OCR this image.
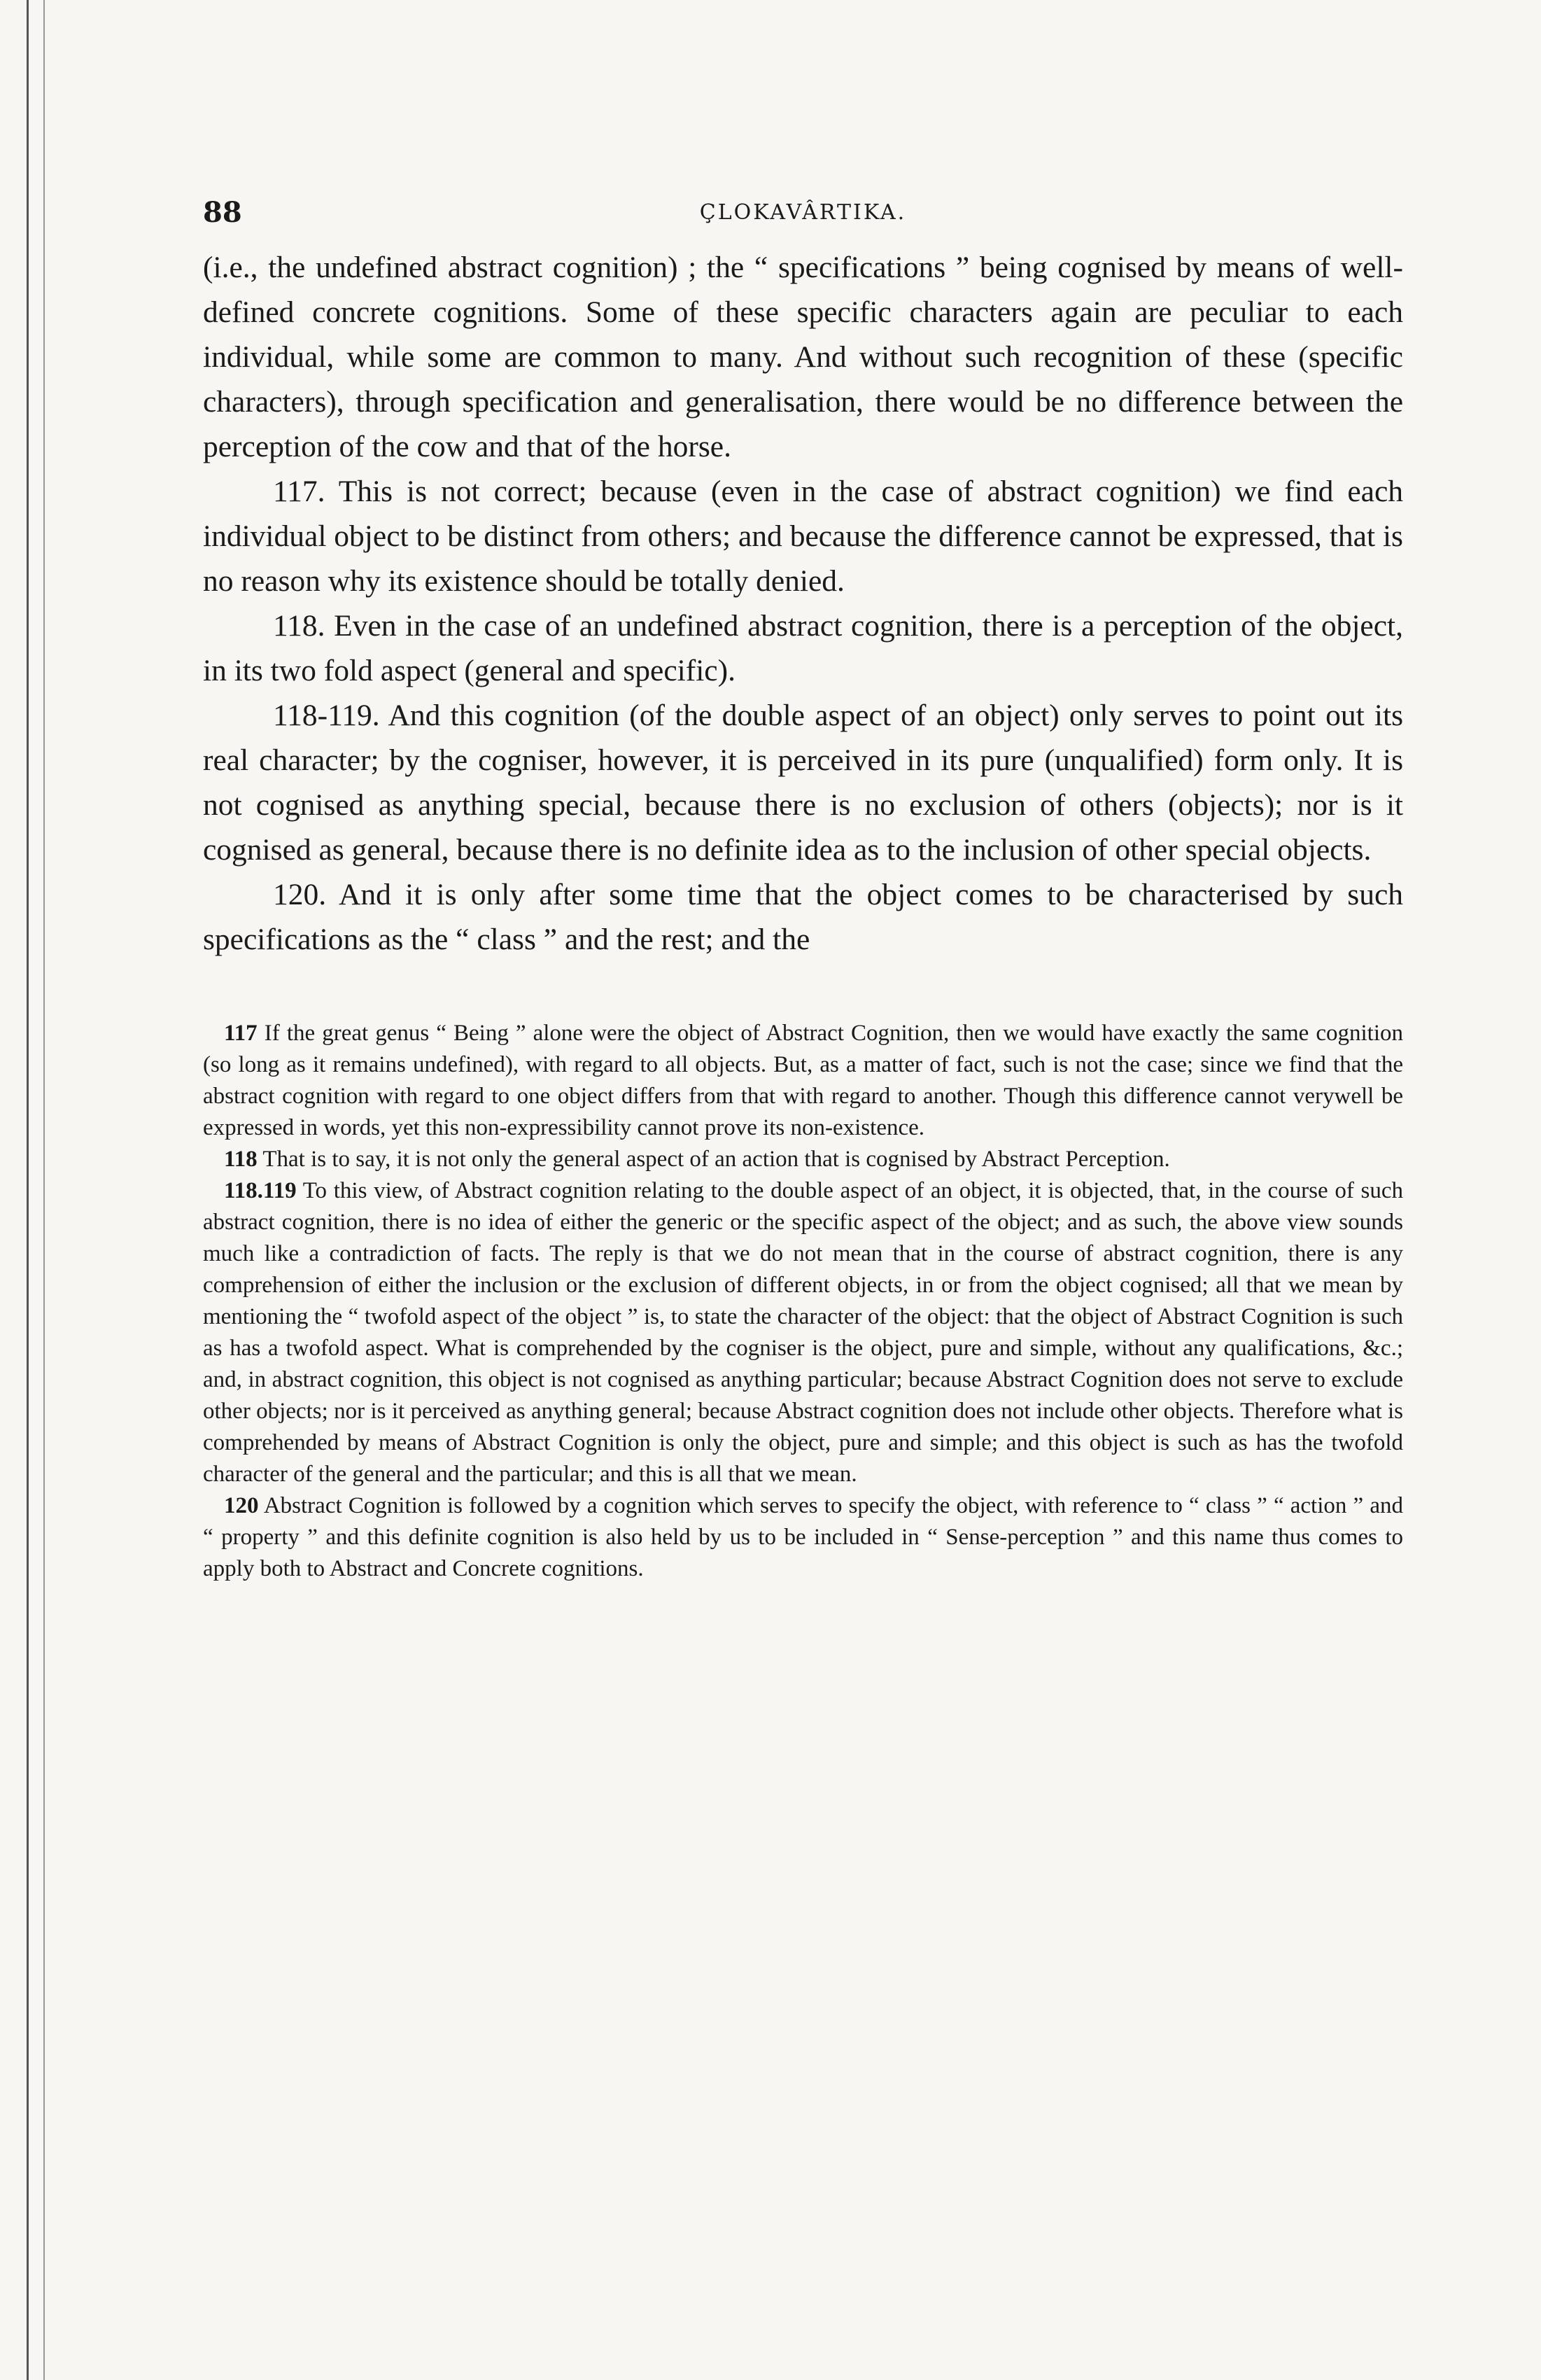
88	ÇLOKAVÂRTIKA.

(i.e., the undefined abstract cognition) ; the “ specifications ” being cognised by means of well-defined concrete cognitions. Some of these specific characters again are peculiar to each individual, while some are common to many. And without such recognition of these (specific characters), through specification and generalisation, there would be no difference between the perception of the cow and that of the horse.

117. This is not correct; because (even in the case of abstract cognition) we find each individual object to be distinct from others; and because the difference cannot be expressed, that is no reason why its existence should be totally denied.

118. Even in the case of an undefined abstract cognition, there is a perception of the object, in its two fold aspect (general and specific).

118-119. And this cognition (of the double aspect of an object) only serves to point out its real character; by the cogniser, however, it is perceived in its pure (unqualified) form only. It is not cognised as anything special, because there is no exclusion of others (objects); nor is it cognised as general, because there is no definite idea as to the inclusion of other special objects.

120. And it is only after some time that the object comes to be characterised by such specifications as the “ class ” and the rest; and the

117 If the great genus “ Being ” alone were the object of Abstract Cognition, then we would have exactly the same cognition (so long as it remains undefined), with regard to all objects. But, as a matter of fact, such is not the case; since we find that the abstract cognition with regard to one object differs from that with regard to another. Though this difference cannot verywell be expressed in words, yet this non-expressibility cannot prove its non-existence.

118 That is to say, it is not only the general aspect of an action that is cognised by Abstract Perception.

118.119 To this view, of Abstract cognition relating to the double aspect of an object, it is objected, that, in the course of such abstract cognition, there is no idea of either the generic or the specific aspect of the object; and as such, the above view sounds much like a contradiction of facts. The reply is that we do not mean that in the course of abstract cognition, there is any comprehension of either the inclusion or the exclusion of different objects, in or from the object cognised; all that we mean by mentioning the “ twofold aspect of the object ” is, to state the character of the object: that the object of Abstract Cognition is such as has a twofold aspect. What is comprehended by the cogniser is the object, pure and simple, without any qualifications, &c.; and, in abstract cognition, this object is not cognised as anything particular; because Abstract Cognition does not serve to exclude other objects; nor is it perceived as anything general; because Abstract cognition does not include other objects. Therefore what is comprehended by means of Abstract Cognition is only the object, pure and simple; and this object is such as has the twofold character of the general and the particular; and this is all that we mean.

120 Abstract Cognition is followed by a cognition which serves to specify the object, with reference to “ class ” “ action ” and “ property ” and this definite cognition is also held by us to be included in “ Sense-perception ” and this name thus comes to apply both to Abstract and Concrete cognitions.
